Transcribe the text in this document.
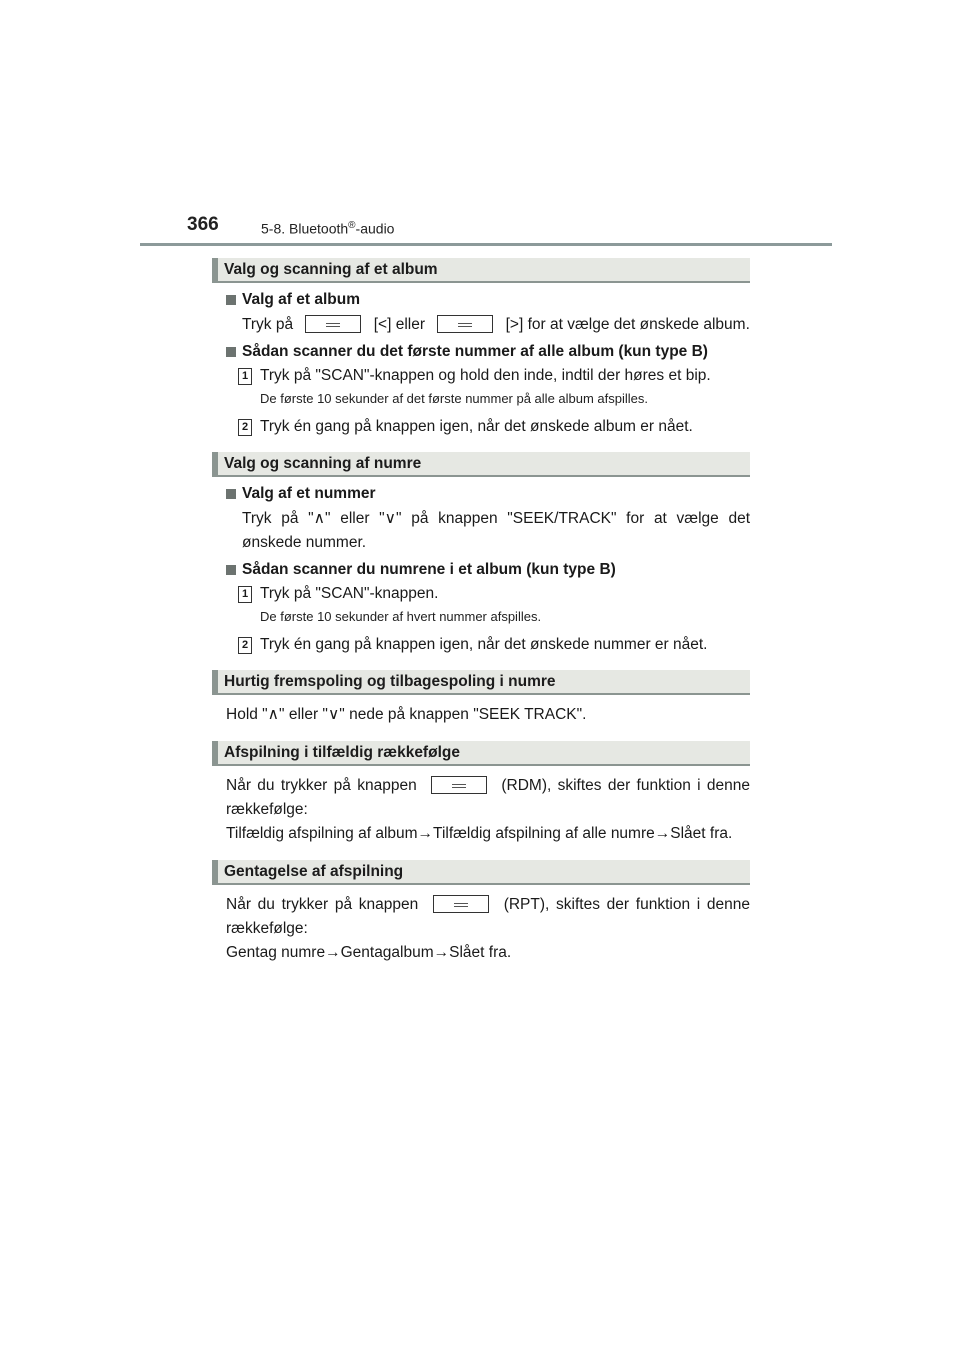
366	5-8. Bluetooth®-audio
Valg og scanning af et album
Valg af et album
Tryk på	[<] eller	[>] for at vælge det ønskede album.
Sådan scanner du det første nummer af alle album (kun type B)
1 Tryk på "SCAN"-knappen og hold den inde, indtil der høres et bip.
De første 10 sekunder af det første nummer på alle album afspilles.
2 Tryk én gang på knappen igen, når det ønskede album er nået.
Valg og scanning af numre
Valg af et nummer
Tryk på "∧" eller "∨" på knappen "SEEK/TRACK" for at vælge det ønskede nummer.
Sådan scanner du numrene i et album (kun type B)
1 Tryk på "SCAN"-knappen.
De første 10 sekunder af hvert nummer afspilles.
2 Tryk én gang på knappen igen, når det ønskede nummer er nået.
Hurtig fremspoling og tilbagespoling i numre
Hold "∧" eller "∨" nede på knappen "SEEK TRACK".
Afspilning i tilfældig rækkefølge
Når du trykker på knappen	(RDM), skiftes der funktion i denne rækkefølge:
Tilfældig afspilning af album→Tilfældig afspilning af alle numre→Slået fra.
Gentagelse af afspilning
Når du trykker på knappen	(RPT), skiftes der funktion i denne rækkefølge:
Gentag numre→Gentagalbum→Slået fra.
